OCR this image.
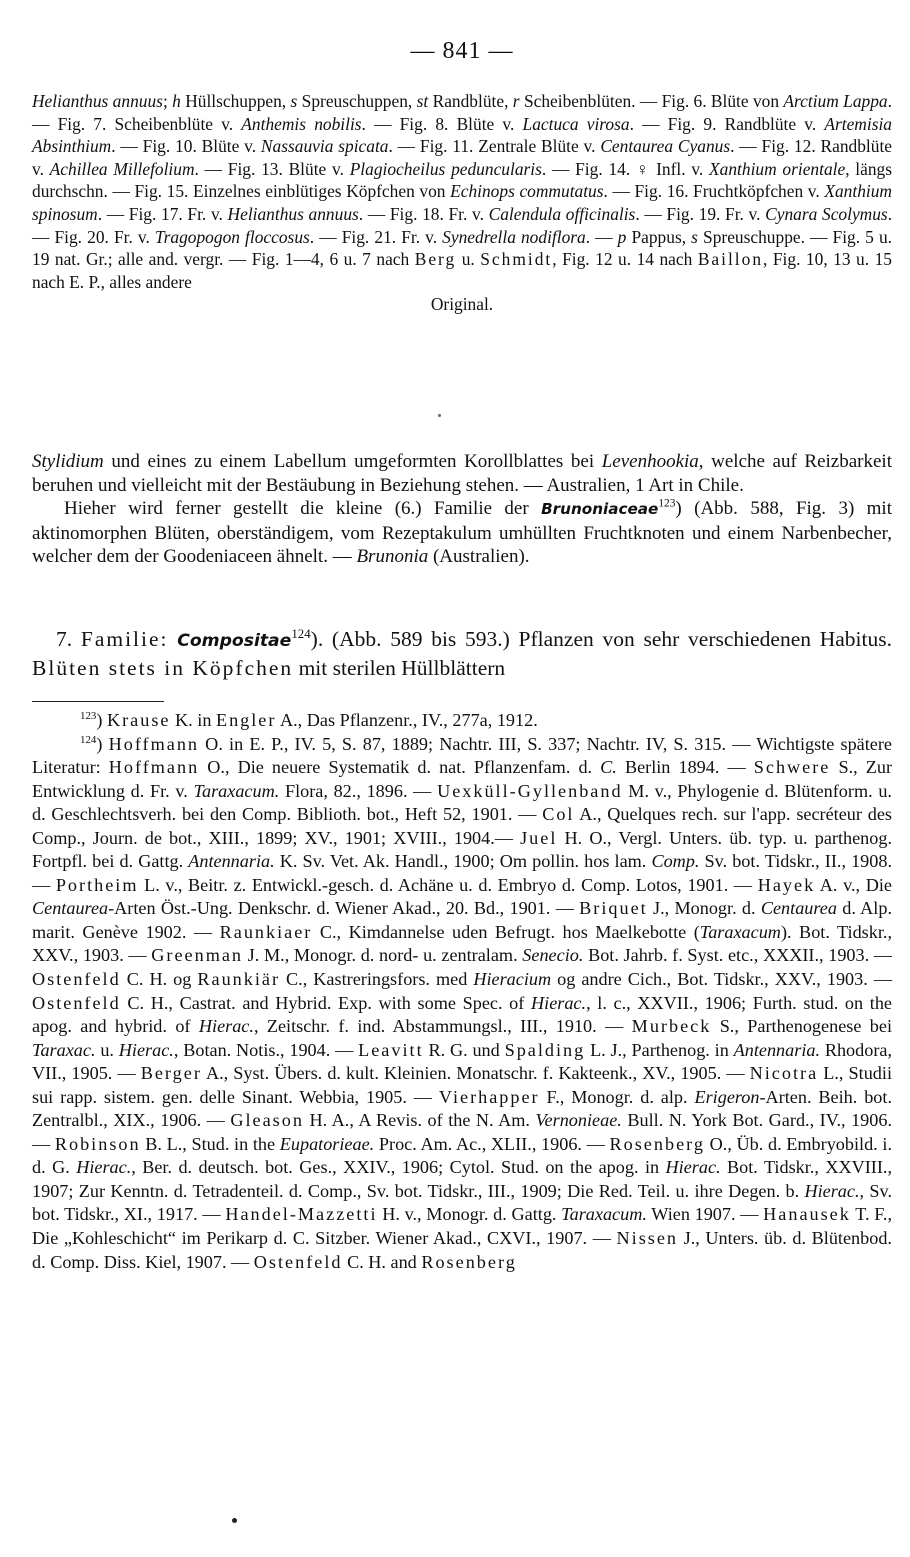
— 841 —
Helianthus annuus; h Hüllschuppen, s Spreuschuppen, st Randblüte, r Scheibenblüten. — Fig. 6. Blüte von Arctium Lappa. — Fig. 7. Scheibenblüte v. Anthemis nobilis. — Fig. 8. Blüte v. Lactuca virosa. — Fig. 9. Randblüte v. Artemisia Absinthium. — Fig. 10. Blüte v. Nassauvia spicata. — Fig. 11. Zentrale Blüte v. Centaurea Cyanus. — Fig. 12. Randblüte v. Achillea Millefolium. — Fig. 13. Blüte v. Plagiocheilus peduncularis. — Fig. 14. ♀ Infl. v. Xanthium orientale, längs durchschn. — Fig. 15. Einzelnes einblütiges Köpfchen von Echinops commutatus. — Fig. 16. Fruchtköpfchen v. Xanthium spinosum. — Fig. 17. Fr. v. Helianthus annuus. — Fig. 18. Fr. v. Calendula officinalis. — Fig. 19. Fr. v. Cynara Scolymus. — Fig. 20. Fr. v. Tragopogon floccosus. — Fig. 21. Fr. v. Synedrella nodiflora. — p Pappus, s Spreuschuppe. — Fig. 5 u. 19 nat. Gr.; alle and. vergr. — Fig. 1—4, 6 u. 7 nach Berg u. Schmidt, Fig. 12 u. 14 nach Baillon, Fig. 10, 13 u. 15 nach E. P., alles andere
Original.

Stylidium und eines zu einem Labellum umgeformten Korollblattes bei Levenhookia, welche auf Reizbarkeit beruhen und vielleicht mit der Bestäubung in Beziehung stehen. — Australien, 1 Art in Chile.

Hieher wird ferner gestellt die kleine (6.) Familie der Brunoniaceae$^{123}$) (Abb. 588, Fig. 3) mit aktinomorphen Blüten, oberständigem, vom Rezeptakulum umhüllten Fruchtknoten und einem Narbenbecher, welcher dem der Goodeniaceen ähnelt. — Brunonia (Australien).

7. Familie: Compositae$^{124}$). (Abb. 589 bis 593.) Pflanzen von sehr verschiedenen Habitus. Blüten stets in Köpfchen mit sterilen Hüllblättern

$^{123}$) Krause K. in Engler A., Das Pflanzenr., IV., 277a, 1912.

$^{124}$) Hoffmann O. in E. P., IV. 5, S. 87, 1889; Nachtr. III, S. 337; Nachtr. IV, S. 315. — Wichtigste spätere Literatur: Hoffmann O., Die neuere Systematik d. nat. Pflanzenfam. d. C. Berlin 1894. — Schwere S., Zur Entwicklung d. Fr. v. Taraxacum. Flora, 82., 1896. — Uexküll-Gyllenband M. v., Phylogenie d. Blütenform. u. d. Geschlechtsverh. bei den Comp. Biblioth. bot., Heft 52, 1901. — Col A., Quelques rech. sur l'app. secréteur des Comp., Journ. de bot., XIII., 1899; XV., 1901; XVIII., 1904.— Juel H. O., Vergl. Unters. üb. typ. u. parthenog. Fortpfl. bei d. Gattg. Antennaria. K. Sv. Vet. Ak. Handl., 1900; Om pollin. hos lam. Comp. Sv. bot. Tidskr., II., 1908. — Portheim L. v., Beitr. z. Entwickl.-gesch. d. Achäne u. d. Embryo d. Comp. Lotos, 1901. — Hayek A. v., Die Centaurea-Arten Öst.-Ung. Denkschr. d. Wiener Akad., 20. Bd., 1901. — Briquet J., Monogr. d. Centaurea d. Alp. marit. Genève 1902. — Raunkiaer C., Kimdannelse uden Befrugt. hos Maelkebotte (Taraxacum). Bot. Tidskr., XXV., 1903. — Greenman J. M., Monogr. d. nord- u. zentralam. Senecio. Bot. Jahrb. f. Syst. etc., XXXII., 1903. — Ostenfeld C. H. og Raunkiär C., Kastreringsfors. med Hieracium og andre Cich., Bot. Tidskr., XXV., 1903. — Ostenfeld C. H., Castrat. and Hybrid. Exp. with some Spec. of Hierac., l. c., XXVII., 1906; Furth. stud. on the apog. and hybrid. of Hierac., Zeitschr. f. ind. Abstammungsl., III., 1910. — Murbeck S., Parthenogenese bei Taraxac. u. Hierac., Botan. Notis., 1904. — Leavitt R. G. und Spalding L. J., Parthenog. in Antennaria. Rhodora, VII., 1905. — Berger A., Syst. Übers. d. kult. Kleinien. Monatschr. f. Kakteenk., XV., 1905. — Nicotra L., Studii sui rapp. sistem. gen. delle Sinant. Webbia, 1905. — Vierhapper F., Monogr. d. alp. Erigeron-Arten. Beih. bot. Zentralbl., XIX., 1906. — Gleason H. A., A Revis. of the N. Am. Vernonieae. Bull. N. York Bot. Gard., IV., 1906. — Robinson B. L., Stud. in the Eupatorieae. Proc. Am. Ac., XLII., 1906. — Rosenberg O., Üb. d. Embryobild. i. d. G. Hierac., Ber. d. deutsch. bot. Ges., XXIV., 1906; Cytol. Stud. on the apog. in Hierac. Bot. Tidskr., XXVIII., 1907; Zur Kenntn. d. Tetradenteil. d. Comp., Sv. bot. Tidskr., III., 1909; Die Red. Teil. u. ihre Degen. b. Hierac., Sv. bot. Tidskr., XI., 1917. — Handel-Mazzetti H. v., Monogr. d. Gattg. Taraxacum. Wien 1907. — Hanausek T. F., Die „Kohleschicht“ im Perikarp d. C. Sitzber. Wiener Akad., CXVI., 1907. — Nissen J., Unters. üb. d. Blütenbod. d. Comp. Diss. Kiel, 1907. — Ostenfeld C. H. and Rosenberg
